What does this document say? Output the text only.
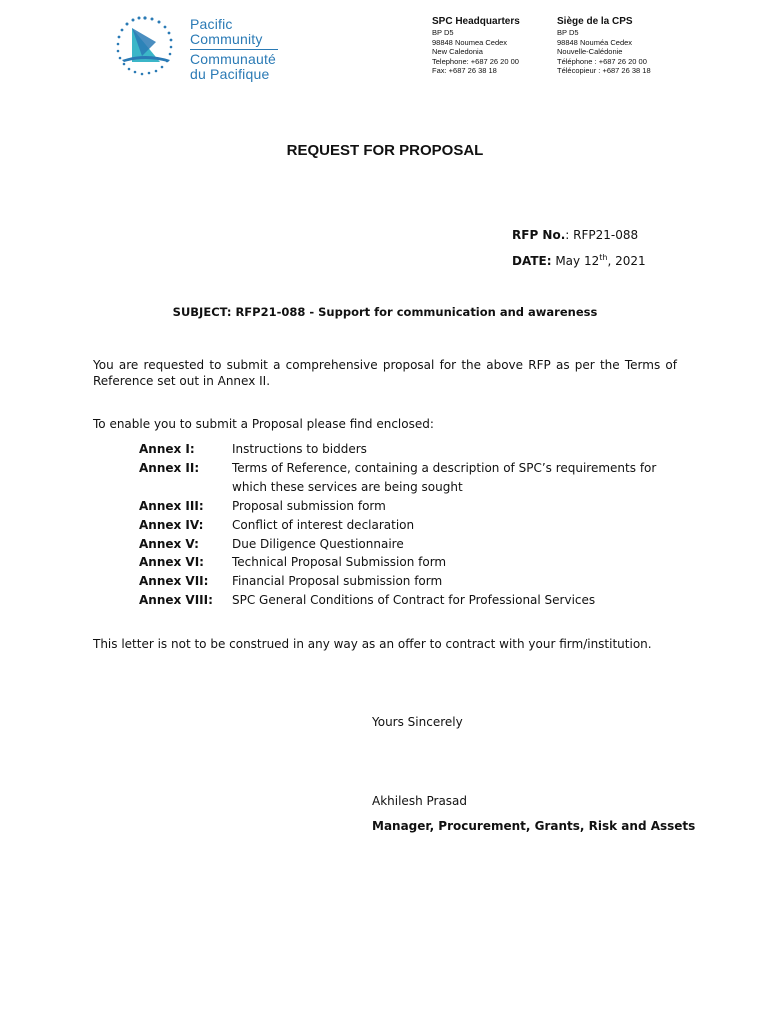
Pacific
Community
Communauté
du Pacifique
SPC Headquarters
BP D5
98848 Noumea Cedex
New Caledonia
Telephone: +687 26 20 00
Fax: +687 26 38 18
Siège de la CPS
BP D5
98848 Nouméa Cedex
Nouvelle-Calédonie
Téléphone : +687 26 20 00
Télécopieur : +687 26 38 18
REQUEST FOR PROPOSAL
RFP No.: RFP21-088
DATE: May 12th, 2021
SUBJECT: RFP21-088 - Support for communication and awareness
You are requested to submit a comprehensive proposal for the above RFP as per the Terms of Reference set out in Annex II.
To enable you to submit a Proposal please find enclosed:
Annex I:	Instructions to bidders
Annex II:	Terms of Reference, containing a description of SPC’s requirements for which these services are being sought
Annex III: Proposal submission form
Annex IV: Conflict of interest declaration
Annex V:	Due Diligence Questionnaire
Annex VI: Technical Proposal Submission form
Annex VII: Financial Proposal submission form
Annex VIII: SPC General Conditions of Contract for Professional Services
This letter is not to be construed in any way as an offer to contract with your firm/institution.
Yours Sincerely
Akhilesh Prasad
Manager, Procurement, Grants, Risk and Assets
